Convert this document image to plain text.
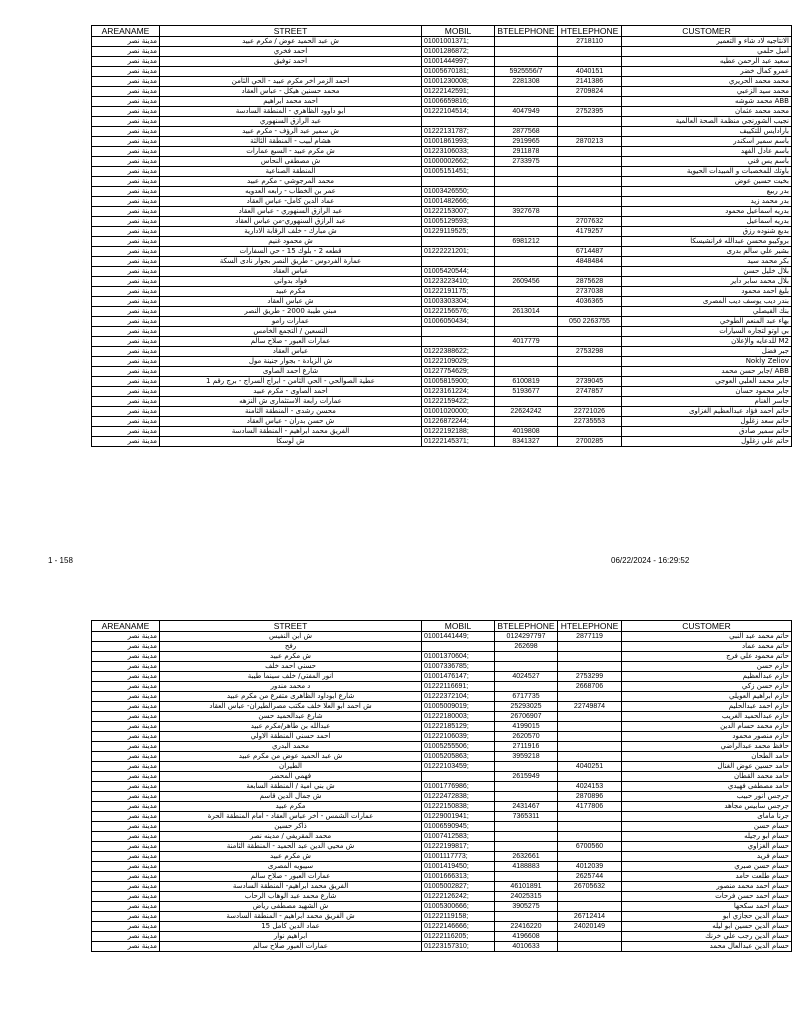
AREANAME	STREET	MOBIL	BTELEPHONE	HTELEPHONE	CUSTOMER
مدينة نصر	ش عبد الحميد عوض / مكرم عبيد	01001001371;		2718110	الانتاجيه لاد شاء و التعمير
مدينة نصر	احمد فخري	01001286872;			امبل حلمي
مدينة نصر	احمد توفيق	01001444997;			سعيد عبد الرحمن عطيه
مدينة نصر		01005670181;	5925556/7	4040151	عمرو كمال خضر
مدينة نصر	احمد الزمر اخر مكرم عبيد - الحي الثامن	01001230008;	2281308	2141386	محمد محمد الحريري
مدينة نصر	محمد حسنين هيكل - عباس العقاد	01222142591;		2709824	محمد سيد الزعبي
مدينة نصر	احمد محمد ابراهيم	01006659816;			ABB محمد شوشه
مدينة نصر	ابو داوود الظاهري - المنطقة السادسة	01222104514;	4047949	2752395	محمد محمد عثمان
مدينة نصر	عبد الرازق السنهوري				نجيب الشورنجي منظمة الصحة العالمية
مدينة نصر	ش سمير عبد الرؤف - مكرم عبيد	01222131787;	2877568		بارادايس للتكييف
مدينة نصر	هشام لبيب - المنطقة الثالثة	01001861993;	2919965	2870213	باسم سمير اسكندر
مدينة نصر	ش مكرم عبيد - السبع عمارات	01223106033;	2911878		باسم عادل الفهد
مدينة نصر	ش مصطفى النحاس	01000002662;	2733975		باسم يس قني
مدينة نصر	المنطقة الصناعية	01005151451;			باوتك للمخصبات و المبيدات الحيوية
مدينة نصر	محمد المرجوشي - مكرم عبيد				بخيت حسين عوض
مدينة نصر	عمر بن الخطاب - رابعه العدويه	01003426550;			بدر ربيع
مدينة نصر	عماد الدين كامل- عباس العقاد	01001482666;			بدر محمد زيد
مدينة نصر	عبد الرازق السنهوري - عباس العقاد	01222153007;	3927678		بدريه اسماعيل محمود
مدينة نصر	عبد الرازق السنهوري-من عباس العقاد	01005129593;		2707632	بدريه اسماعيل
مدينة نصر	ش مبارك - خلف الرقابة الادارية	01229119525;		4179257	بديع شنوده رزق
مدينة نصر	ش محمود غنيم		6981212		بروكيبو محسن عبدالله فرانشيسكا
مدينة نصر	قطعه 2 - بلوك 15 - حي السفارات	01222221201;		6714487	بشير علي سالم بدرى
مدينة نصر	عمارة الفردوس - طريق النصر بجوار نادى السكة			4848484	بكر محمد سيد
مدينة نصر	عباس العقاد	01005420544;			بلال خليل حسن
مدينة نصر	فواد بدواني	01223223410;	2609456	2875628	بلال محمد سابر داير
مدينة نصر	مكرم عبيد	01222191175;		2737038	بليغ احمد محمود
مدينة نصر	ش عباس العقاد	01003303304;		4036365	بندر ديب يوسف ديب المصرى
مدينة نصر	مبني طيبة 2000 - طريق النصر	01222156576;	2613014		بنك الفيصلي
مدينة نصر	عمارات رامو	01006050434;		050 2263755	بهاء عبد المنعم الطوخي
مدينة نصر	التسعين / التجمع الخامس				بي اوتو لتجاره السيارات
مدينة نصر	عمارات العبور - صلاح سالم		4017779		M2 للدعايه والإعلان
مدينة نصر	عباس العقاد	01222388622;		2753298	جبر فضل
مدينة نصر	ش الزيادة - بجوار جنينة مول	01222109029;			Nokly Zeliov
مدينة نصر	شارع احمد الصاوى	01227754629;			ABB /جابر حسن محمد
مدينة نصر	عطية الصوالحي - الحي الثامن - ابراج السراج - برج رقم 1	01005815900;	6100819	2739045	جابر محمد العلبي العوجي
مدينة نصر	احمد الصاوى - مكرم عبيد	01223161224;	5193677	2747857	جابر محمود حسان
مدينة نصر	عمارات رابعة الاستثمارى ش النزهه	01222159422;			جاسر الغنام
مدينة نصر	محسن رشدى - المنطقة الثامنة	01001020000;	22624242	22721026	حاتم احمد فؤاد عبدالعظيم الغزاوى
مدينة نصر	ش حسن بدران - عباس العقاد	01226872244;		22735553	حاتم سعد زغلول
مدينة نصر	الفريق محمد ابراهيم - المنطقة السادسة	01222192188;	4019808		حاتم سمير صادق
مدينة نصر	ش لوسكا	01222145371;	8341327	2700285	حاتم علي زغلول
1 - 158	06/22/2024 - 16:29:52
AREANAME	STREET	MOBIL	BTELEPHONE	HTELEPHONE	CUSTOMER
مدينة نصر	ش ابن النفيس	01001441449;	0124297797	2877119	حاتم محمد عبد النبي
مدينة نصر	رفح		262698		حاتم محمد عماد
مدينة نصر	ش مكرم عبيد	01001370604;			حاتم محمود علي فرج
مدينة نصر	حسني احمد خلف	01007336785;			حازم حسن
مدينة نصر	انور المفتي/ خلف سينما طيبة	01001476147;	4024527	2753299	حازم عبدالعظيم
مدينة نصر	د محمد مندور	01222116691;		2668706	حازم حسن زكي
مدينة نصر	شارع ابوداود الظاهرى متفرع من مكرم عبيد	01222372104;	6717735		حازم ابراهيم العويلي
مدينة نصر	ش احمد ابو العلا خلف مكتب مصرالطيران- عباس العقاد	01005009019;	25293025	22749874	حازم احمد عبدالحليم
مدينة نصر	شارع عبدالحميد حسن	01222180003;	26706907		حازم عبدالحميد الغريب
مدينة نصر	عبدالله بن طاهر/مكرم عبيد	01222185129;	4199015		حازم محمد حسام الدين
مدينة نصر	احمد حسني المنطقة الاولي	01222106039;	2620570		حازم منصور محمود
مدينة نصر	محمد البدري	01005255506;	2711916		حافظ محمد عبدالراضي
مدينة نصر	ش عبد الحميد عوض من مكرم عبيد	01005205863;	3959218		حامد الطحان
مدينة نصر	الطيران	01222103459;		4040251	حامد حسين عوض الغنال
مدينة نصر	فهمي المحضر		2615949		حامد محمد القطان
مدينة نصر	ش بني امية / المنطقة السابعة	01001776986;		4024153	حامد مصطفى فهيدي
مدينة نصر	ش جمال الدين قاسم	01222472838;		2870896	جرجس انور حبيب
مدينة نصر	مكرم عبيد	01222150838;	2431467	4177806	جرجس سابيس مجاهد
مدينة نصر	عمارات الشمس - أخر عباس العقاد - امام المنطقة الحرة	01229001941;	7365311		جرنا ماماى
مدينة نصر	ذاكر حسين	01006590945;			حسام حسن
مدينة نصر	محمد المقريفي / مدينه نصر	01007412583;			حسام ابو رجيله
مدينة نصر	ش محيي الدين عبد الحميد - المنطقة الثامنة	01222199817;		6700560	حسام الغزاوي
مدينة نصر	ش مكرم عبيد	01001117773;	2632661		حسام فريد
مدينة نصر	سيبويه المصرى	01001419450;	4188883	4012039	حسام حسن صبري
مدينة نصر	عمارات العبور - صلاح سالم	01001666313;		2625744	حسام طلعت حامد
مدينة نصر	الفريق محمد ابراهيم- المنطقة السادسة	01005002827;	46101891	26705632	حسام احمد محمد منصور
مدينة نصر	شارع محمد عبد الوهاب الرحاب	01222126242;	24025315		حسام احمد حسن فرحات
مدينة نصر	ش الشهيد مصطفى رياض	01005300666;	3905275		حسام احمد سكحها
مدينة نصر	ش الفريق محمد ابراهيم - المنطقة السادسة	01222119158;		26712414	حسام الدين حجازي ابو
مدينة نصر	عماد الدين كامل 15	01222146666;	22416220	24020149	حسام الدين حسين ابو ليله
مدينة نصر	ابراهيم نوار	01222116205;	4196608		حسام الدين رجب علي خرنك
مدينة نصر	عمارات العبور صلاح سالم	01223157310;	4010633		حسام الدين عبدالعال محمد
